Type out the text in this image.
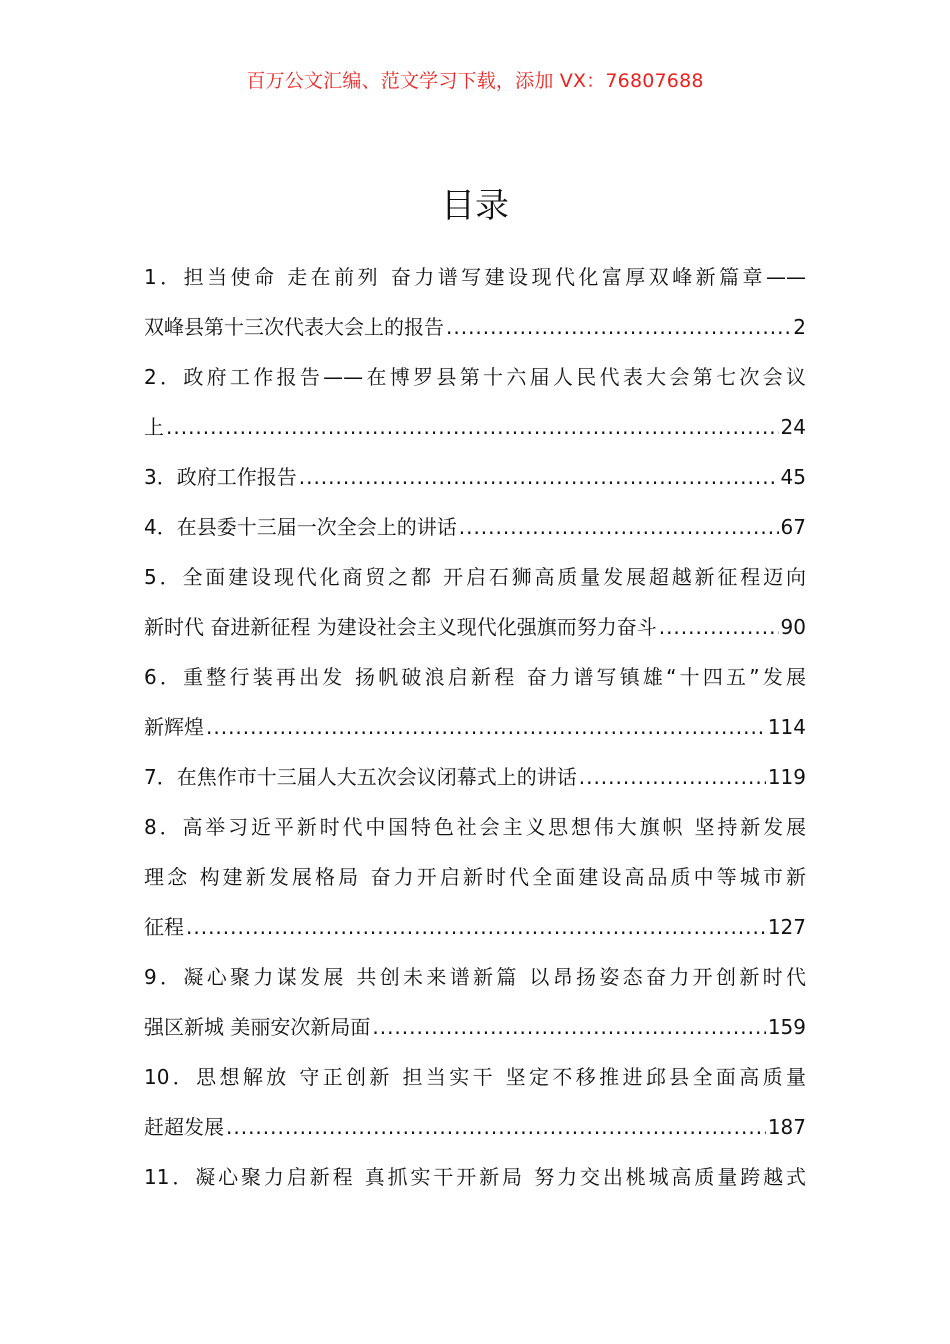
百万公文汇编、范文学习下载，添加 VX：76807688
目录
1．担当使命 走在前列 奋力谱写建设现代化富厚双峰新篇章——
双峰县第十三次代表大会上的报告 .....	2
2．政府工作报告——在博罗县第十六届人民代表大会第七次会议
上 .....	24
3．政府工作报告 .....	45
4．在县委十三届一次全会上的讲话 .....	67
5．全面建设现代化商贸之都 开启石狮高质量发展超越新征程迈向
新时代 奋进新征程 为建设社会主义现代化强旗而努力奋斗 .....	90
6．重整行装再出发 扬帆破浪启新程 奋力谱写镇雄“十四五”发展
新辉煌 .....	114
7．在焦作市十三届人大五次会议闭幕式上的讲话 .....	119
8．高举习近平新时代中国特色社会主义思想伟大旗帜 坚持新发展
理念 构建新发展格局 奋力开启新时代全面建设高品质中等城市新
征程 .....	127
9．凝心聚力谋发展 共创未来谱新篇 以昂扬姿态奋力开创新时代
强区新城 美丽安次新局面 .....	159
10．思想解放 守正创新 担当实干 坚定不移推进邱县全面高质量
赶超发展 .....	187
11．凝心聚力启新程 真抓实干开新局 努力交出桃城高质量跨越式
